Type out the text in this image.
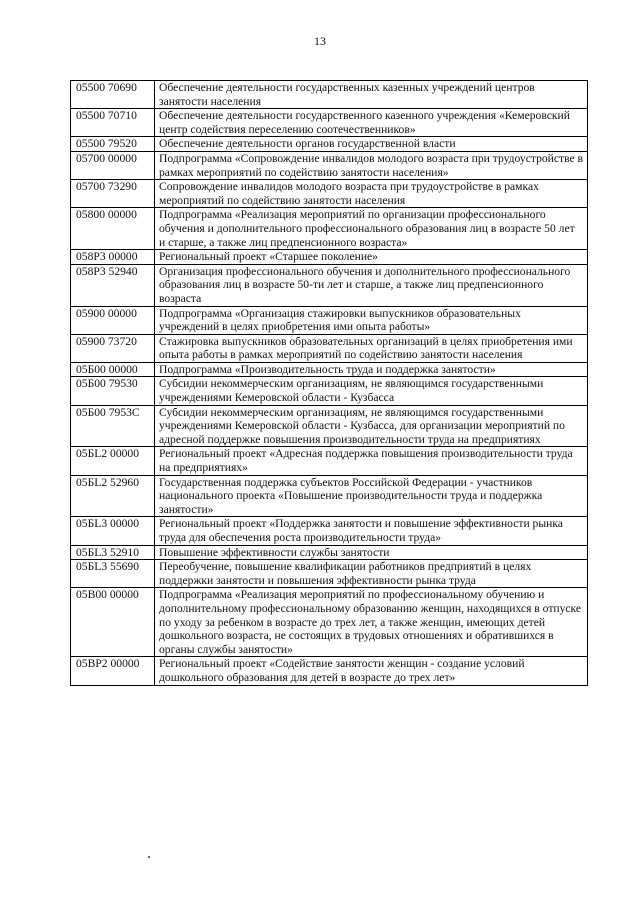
13
05500 70690	Обеспечение деятельности государственных казенных учреждений центров занятости населения
05500 70710	Обеспечение деятельности государственного казенного учреждения «Кемеровский центр содействия переселению соотечественников»
05500 79520	Обеспечение деятельности органов государственной власти
05700 00000	Подпрограмма «Сопровождение инвалидов молодого возраста при трудоустройстве в рамках мероприятий по содействию занятости населения»
05700 73290	Сопровождение инвалидов молодого возраста при трудоустройстве в рамках мероприятий по содействию занятости населения
05800 00000	Подпрограмма «Реализация мероприятий по организации профессионального обучения и дополнительного профессионального образования лиц в возрасте 50 лет и старше, а также лиц предпенсионного возраста»
058P3 00000	Региональный проект «Старшее поколение»
058P3 52940	Организация профессионального обучения и дополнительного профессионального образования лиц в возрасте 50-ти лет и старше, а также лиц предпенсионного возраста
05900 00000	Подпрограмма «Организация стажировки выпускников образовательных учреждений в целях приобретения ими опыта работы»
05900 73720	Стажировка выпускников образовательных организаций в целях приобретения ими опыта работы в рамках мероприятий по содействию занятости населения
05Б00 00000	Подпрограмма «Производительность труда и поддержка занятости»
05Б00 79530	Субсидии некоммерческим организациям, не являющимся государственными учреждениями Кемеровской области - Кузбасса
05Б00 7953С	Субсидии некоммерческим организациям, не являющимся государственными учреждениями Кемеровской области - Кузбасса, для организации мероприятий по адресной поддержке повышения производительности труда на предприятиях
05БL2 00000	Региональный проект «Адресная поддержка повышения производительности труда на предприятиях»
05БL2 52960	Государственная поддержка субъектов Российской Федерации - участников национального проекта «Повышение производительности труда и поддержка занятости»
05БL3 00000	Региональный проект «Поддержка занятости и повышение эффективности рынка труда для обеспечения роста производительности труда»
05БL3 52910	Повышение эффективности службы занятости
05БL3 55690	Переобучение, повышение квалификации работников предприятий в целях поддержки занятости и повышения эффективности рынка труда
05В00 00000	Подпрограмма «Реализация мероприятий по профессиональному обучению и дополнительному профессиональному образованию женщин, находящихся в отпуске по уходу за ребенком в возрасте до трех лет, а также женщин, имеющих детей дошкольного возраста, не состоящих в трудовых отношениях и обратившихся в органы службы занятости»
05ВP2 00000	Региональный проект «Содействие занятости женщин - создание условий дошкольного образования для детей в возрасте до трех лет»
